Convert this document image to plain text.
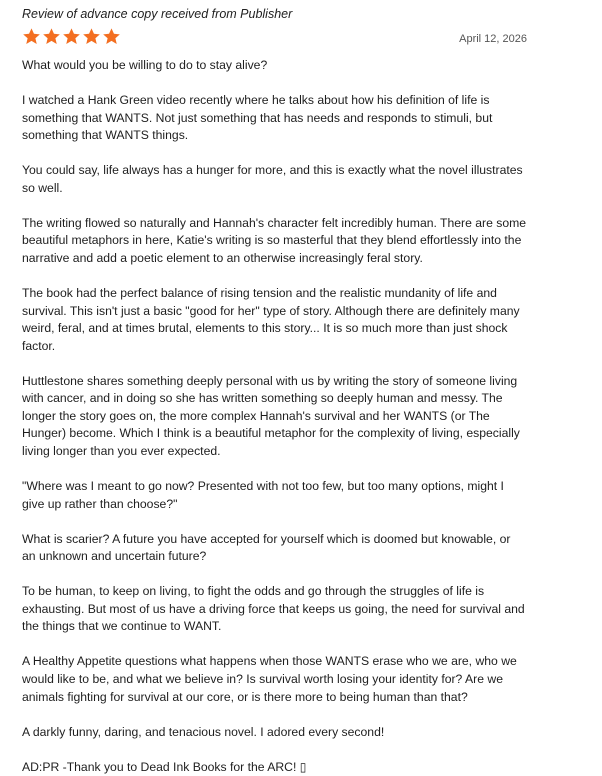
Review of advance copy received from Publisher

April 12, 2026

What would you be willing to do to stay alive?

I watched a Hank Green video recently where he talks about how his definition of life is something that WANTS. Not just something that has needs and responds to stimuli, but something that WANTS things.

You could say, life always has a hunger for more, and this is exactly what the novel illustrates so well.

The writing flowed so naturally and Hannah's character felt incredibly human. There are some beautiful metaphors in here, Katie's writing is so masterful that they blend effortlessly into the narrative and add a poetic element to an otherwise increasingly feral story.

The book had the perfect balance of rising tension and the realistic mundanity of life and survival. This isn't just a basic "good for her" type of story. Although there are definitely many weird, feral, and at times brutal, elements to this story... It is so much more than just shock factor.

Huttlestone shares something deeply personal with us by writing the story of someone living with cancer, and in doing so she has written something so deeply human and messy. The longer the story goes on, the more complex Hannah's survival and her WANTS (or The Hunger) become. Which I think is a beautiful metaphor for the complexity of living, especially living longer than you ever expected.

"Where was I meant to go now? Presented with not too few, but too many options, might I give up rather than choose?"

What is scarier? A future you have accepted for yourself which is doomed but knowable, or an unknown and uncertain future?

To be human, to keep on living, to fight the odds and go through the struggles of life is exhausting. But most of us have a driving force that keeps us going, the need for survival and the things that we continue to WANT.

A Healthy Appetite questions what happens when those WANTS erase who we are, who we would like to be, and what we believe in? Is survival worth losing your identity for? Are we animals fighting for survival at our core, or is there more to being human than that?

A darkly funny, daring, and tenacious novel. I adored every second!

AD:PR -Thank you to Dead Ink Books for the ARC! ▯
